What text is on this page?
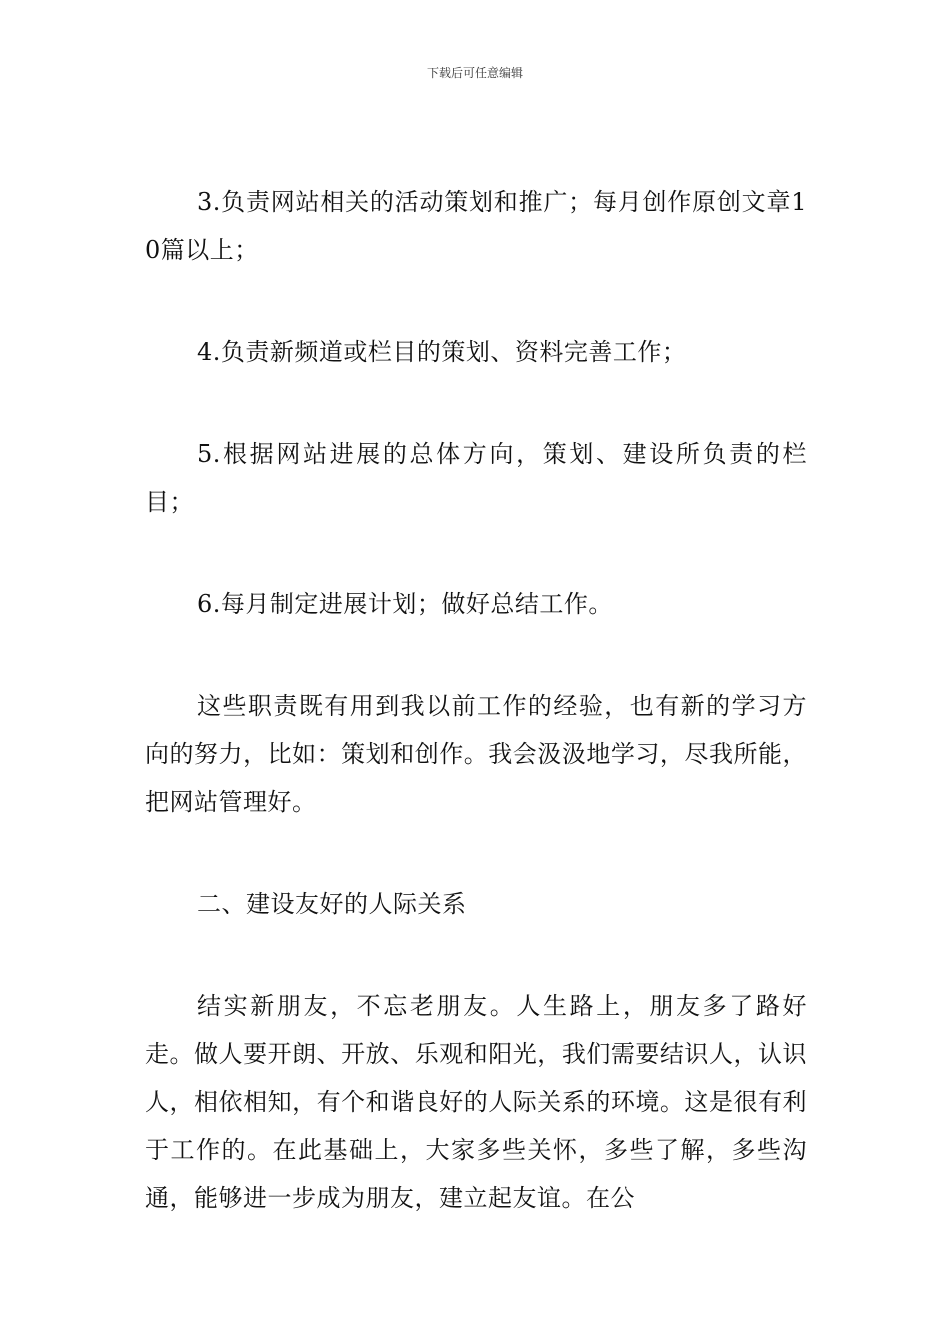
下载后可任意编辑

3.负责网站相关的活动策划和推广；每月创作原创文章10篇以上；

4.负责新频道或栏目的策划、资料完善工作；

5.根据网站进展的总体方向，策划、建设所负责的栏目；

6.每月制定进展计划；做好总结工作。

这些职责既有用到我以前工作的经验，也有新的学习方向的努力，比如：策划和创作。我会汲汲地学习，尽我所能，把网站管理好。

二、建设友好的人际关系

结实新朋友，不忘老朋友。人生路上，朋友多了路好走。做人要开朗、开放、乐观和阳光，我们需要结识人，认识人，相依相知，有个和谐良好的人际关系的环境。这是很有利于工作的。在此基础上，大家多些关怀，多些了解，多些沟通，能够进一步成为朋友，建立起友谊。在公
